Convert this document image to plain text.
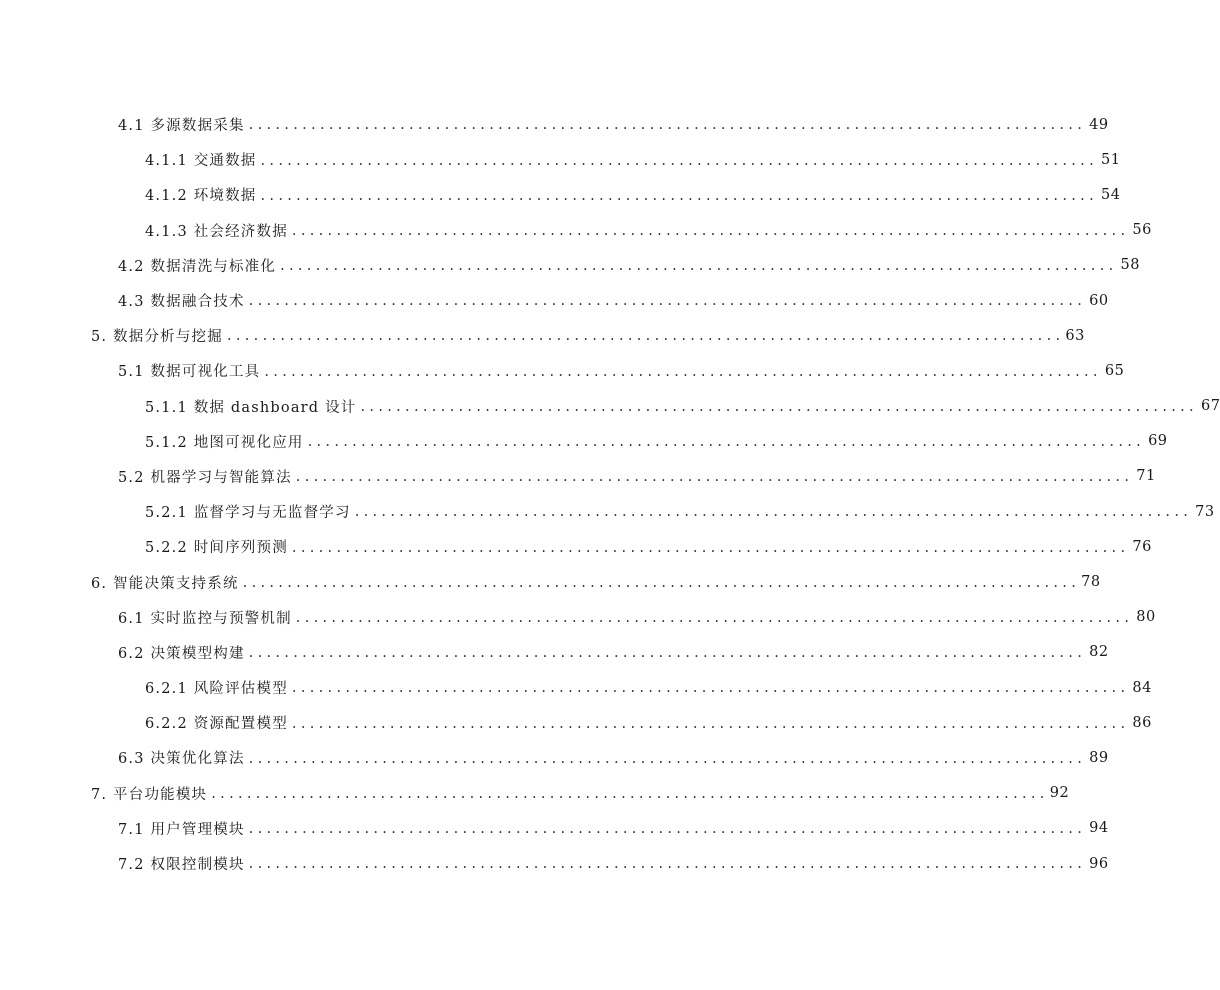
4.1 多源数据采集 .............................................................................................. 49
4.1.1 交通数据 .............................................................................................. 51
4.1.2 环境数据 .............................................................................................. 54
4.1.3 社会经济数据 .............................................................................................. 56
4.2 数据清洗与标准化 .............................................................................................. 58
4.3 数据融合技术 .............................................................................................. 60
5. 数据分析与挖掘 .............................................................................................. 63
5.1 数据可视化工具 .............................................................................................. 65
5.1.1 数据 dashboard 设计 .............................................................................................. 67
5.1.2 地图可视化应用 .............................................................................................. 69
5.2 机器学习与智能算法 .............................................................................................. 71
5.2.1 监督学习与无监督学习 .............................................................................................. 73
5.2.2 时间序列预测 .............................................................................................. 76
6. 智能决策支持系统 .............................................................................................. 78
6.1 实时监控与预警机制 .............................................................................................. 80
6.2 决策模型构建 .............................................................................................. 82
6.2.1 风险评估模型 .............................................................................................. 84
6.2.2 资源配置模型 .............................................................................................. 86
6.3 决策优化算法 .............................................................................................. 89
7. 平台功能模块 .............................................................................................. 92
7.1 用户管理模块 .............................................................................................. 94
7.2 权限控制模块 .............................................................................................. 96
